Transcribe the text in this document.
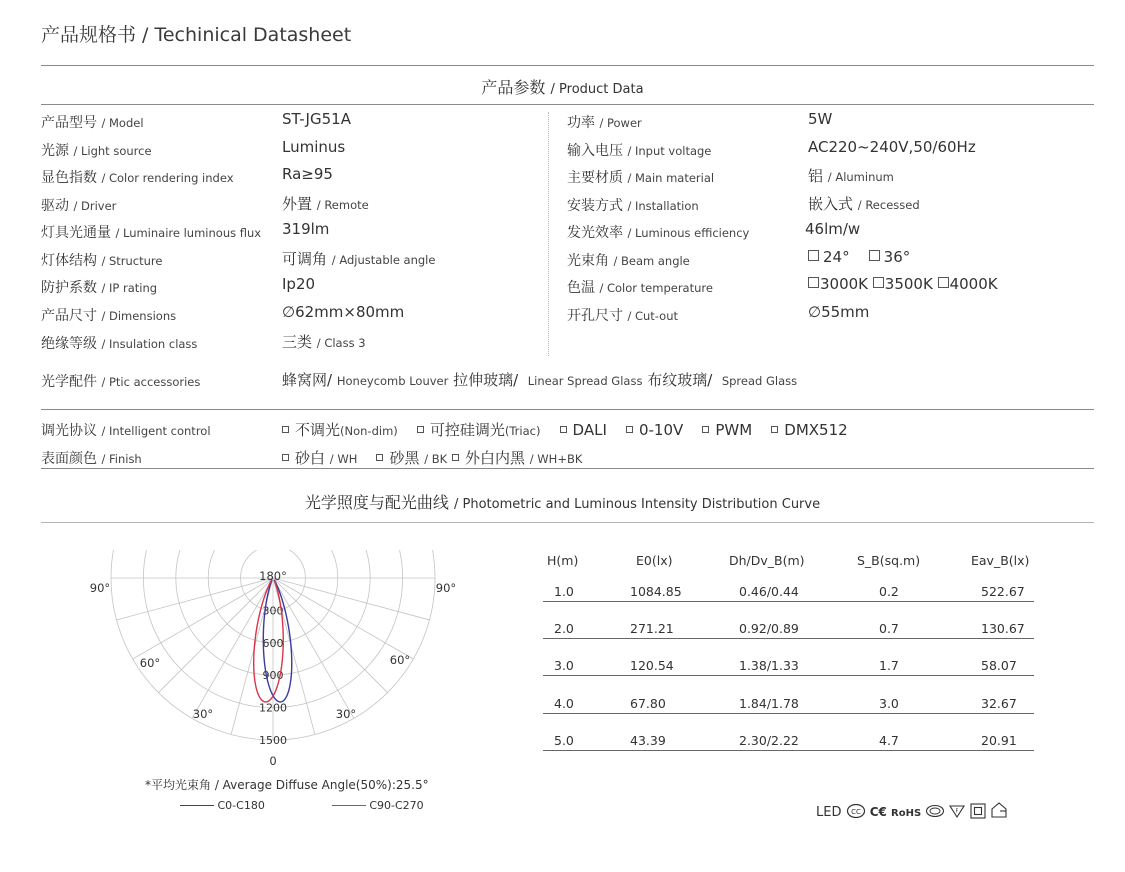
产品规格书 / Techinical Datasheet
产品参数 / Product Data
产品型号 / Model	ST-JG51A
光源 / Light source	Luminus
显色指数 / Color rendering index	Ra≥95
驱动 / Driver	外置 / Remote
灯具光通量 / Luminaire luminous flux 319lm
灯体结构 / Structure	可调角 / Adjustable angle
防护系数 / IP rating	Ip20
产品尺寸 / Dimensions	∅62mm×80mm
绝缘等级 / Insulation class	三类 / Class 3
功率 / Power	5W
输入电压 / Input voltage	AC220~240V,50/60Hz
主要材质 / Main material	铝 / Aluminum
安装方式 / Installation	嵌入式 / Recessed
发光效率 / Luminous efficiency	46lm/w
光束角 / Beam angle	24° 36°
色温 / Color temperature	3000K 3500K 4000K
开孔尺寸 / Cut-out	∅55mm
光学配件 / Ptic accessories	蜂窝网/ Honeycomb Louver 拉伸玻璃/ Linear Spread Glass 布纹玻璃/ Spread Glass
调光协议 / Intelligent control	不调光(Non-dim) 可控硅调光(Triac) DALI 0-10V PWM DMX512
表面颜色 / Finish	砂白 / WH 砂黑 / BK 外白内黑 / WH+BK
光学照度与配光曲线 / Photometric and Luminous Intensity Distribution Curve
300
600
900
1200
1500
180°
90°	90°
60°	60°
30°	30°
0
*平均光束角 / Average Diffuse Angle(50%):25.5°
C0-C180	C90-C270
H(m)	E0(lx)	Dh/Dv_B(m)	S_B(sq.m)	Eav_B(lx)
1.0	1084.85	0.46/0.44	0.2	522.67
2.0	271.21	0.92/0.89	0.7	130.67
3.0	120.54	1.38/1.33	1.7	58.07
4.0	67.80	1.84/1.78	3.0	32.67
5.0	43.39	2.30/2.22	4.7	20.91
LED CC C€ RoHS	F
